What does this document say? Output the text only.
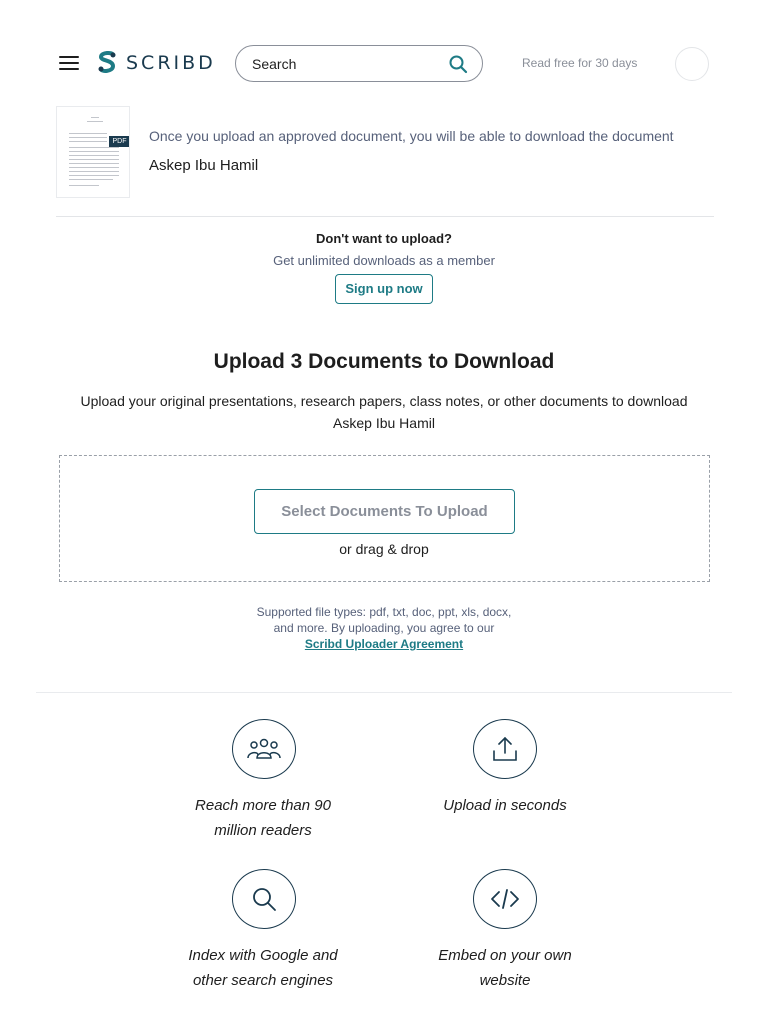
SCRIBD
Search	Read free for 30 days
PDF Once you upload an approved document, you will be able to download the document
Askep Ibu Hamil
Don't want to upload?
Get unlimited downloads as a member
Sign up now
Upload 3 Documents to Download
Upload your original presentations, research papers, class notes, or other documents to download
Askep Ibu Hamil
Select Documents To Upload
or drag & drop
Supported file types: pdf, txt, doc, ppt, xls, docx,
and more. By uploading, you agree to our
Scribd Uploader Agreement
Reach more than 90
million readers
Upload in seconds
Index with Google and
other search engines
Embed on your own
website
